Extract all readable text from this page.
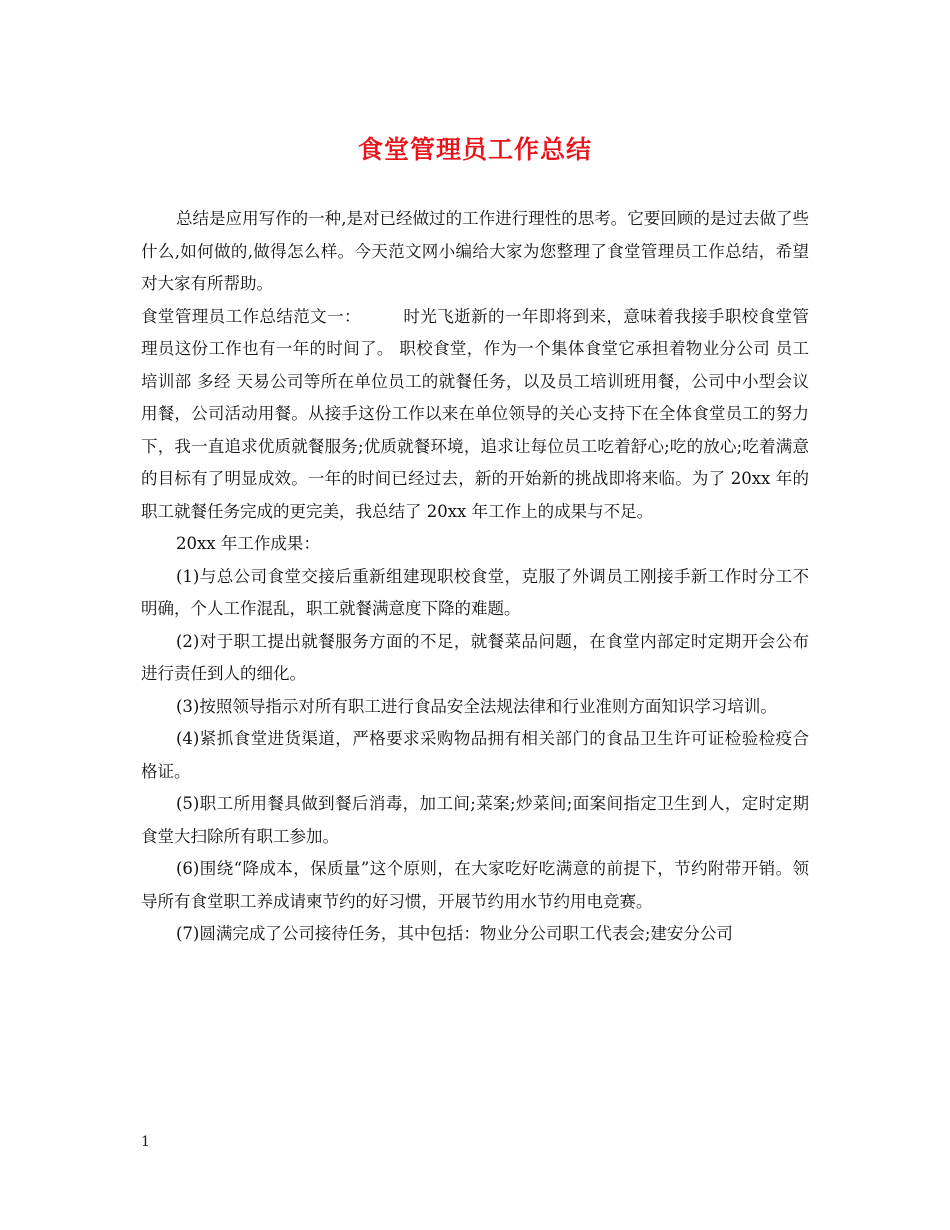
食堂管理员工作总结

总结是应用写作的一种,是对已经做过的工作进行理性的思考。它要回顾的是过去做了些什么,如何做的,做得怎么样。今天范文网小编给大家为您整理了食堂管理员工作总结，希望对大家有所帮助。

食堂管理员工作总结范文一：　　　时光飞逝新的一年即将到来，意味着我接手职校食堂管理员这份工作也有一年的时间了。 职校食堂，作为一个集体食堂它承担着物业分公司 员工培训部 多经 天易公司等所在单位员工的就餐任务，以及员工培训班用餐，公司中小型会议用餐，公司活动用餐。从接手这份工作以来在单位领导的关心支持下在全体食堂员工的努力下，我一直追求优质就餐服务;优质就餐环境，追求让每位员工吃着舒心;吃的放心;吃着满意的目标有了明显成效。一年的时间已经过去，新的开始新的挑战即将来临。为了 20xx 年的职工就餐任务完成的更完美，我总结了 20xx 年工作上的成果与不足。

20xx 年工作成果：

(1)与总公司食堂交接后重新组建现职校食堂，克服了外调员工刚接手新工作时分工不明确，个人工作混乱，职工就餐满意度下降的难题。

(2)对于职工提出就餐服务方面的不足，就餐菜品问题，在食堂内部定时定期开会公布 进行责任到人的细化。

(3)按照领导指示对所有职工进行食品安全法规法律和行业准则方面知识学习培训。

(4)紧抓食堂进货渠道，严格要求采购物品拥有相关部门的食品卫生许可证检验检疫合格证。

(5)职工所用餐具做到餐后消毒，加工间;菜案;炒菜间;面案间指定卫生到人，定时定期食堂大扫除所有职工参加。

(6)围绕“降成本，保质量”这个原则，在大家吃好吃满意的前提下，节约附带开销。领导所有食堂职工养成请柬节约的好习惯，开展节约用水节约用电竞赛。

(7)圆满完成了公司接待任务，其中包括：物业分公司职工代表会;建安分公司

1
